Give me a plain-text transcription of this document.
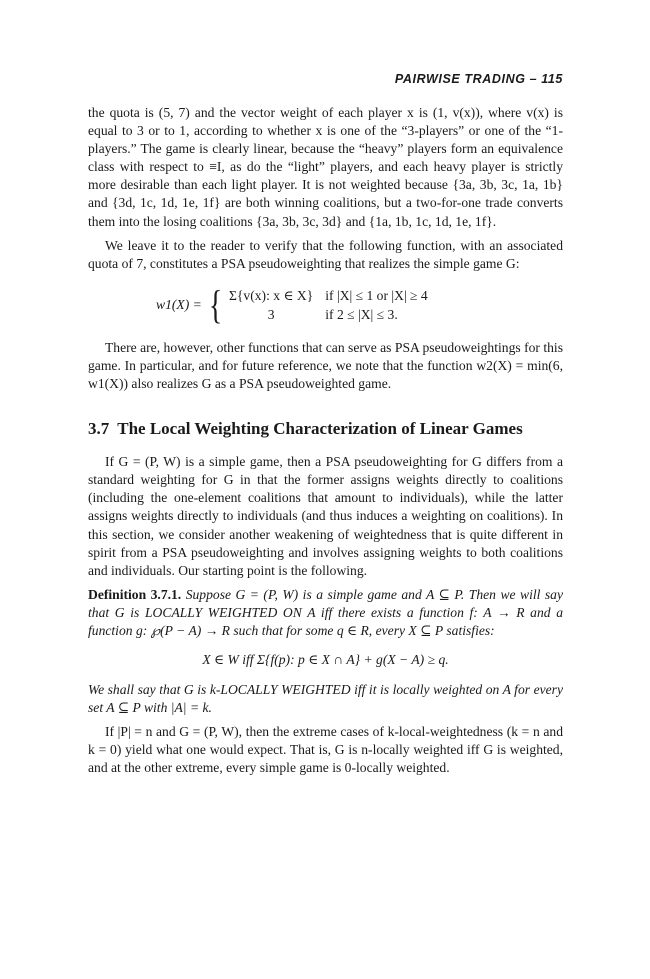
PAIRWISE TRADING – 115

the quota is (5, 7) and the vector weight of each player x is (1, v(x)), where v(x) is equal to 3 or to 1, according to whether x is one of the “3-players” or one of the “1-players.” The game is clearly linear, because the “heavy” players form an equivalence class with respect to ≡I, as do the “light” players, and each heavy player is strictly more desirable than each light player. It is not weighted because {3a, 3b, 3c, 1a, 1b} and {3d, 1c, 1d, 1e, 1f} are both winning coalitions, but a two-for-one trade converts them into the losing coalitions {3a, 3b, 3c, 3d} and {1a, 1b, 1c, 1d, 1e, 1f}.

We leave it to the reader to verify that the following function, with an associated quota of 7, constitutes a PSA pseudoweighting that realizes the simple game G:

w1(X) = { Σ{v(x): x ∈ X}	if |X| ≤ 1 or |X| ≥ 4
3	if 2 ≤ |X| ≤ 3.

There are, however, other functions that can serve as PSA pseudoweightings for this game. In particular, and for future reference, we note that the function w2(X) = min(6, w1(X)) also realizes G as a PSA pseudoweighted game.

3.7 The Local Weighting Characterization of Linear Games

If G = (P, W) is a simple game, then a PSA pseudoweighting for G differs from a standard weighting for G in that the former assigns weights directly to coalitions (including the one-element coalitions that amount to individuals), while the latter assigns weights directly to individuals (and thus induces a weighting on coalitions). In this section, we consider another weakening of weightedness that is quite different in spirit from a PSA pseudoweighting and involves assigning weights to both coalitions and individuals. Our starting point is the following.

Definition 3.7.1. Suppose G = (P, W) is a simple game and A ⊆ P. Then we will say that G is LOCALLY WEIGHTED ON A iff there exists a function f: A → R and a function g: ℘(P − A) → R such that for some q ∈ R, every X ⊆ P satisfies:

X ∈ W iff Σ{f(p): p ∈ X ∩ A} + g(X − A) ≥ q.

We shall say that G is k-LOCALLY WEIGHTED iff it is locally weighted on A for every set A ⊆ P with |A| = k.

If |P| = n and G = (P, W), then the extreme cases of k-local-weightedness (k = n and k = 0) yield what one would expect. That is, G is n-locally weighted iff G is weighted, and at the other extreme, every simple game is 0-locally weighted.
